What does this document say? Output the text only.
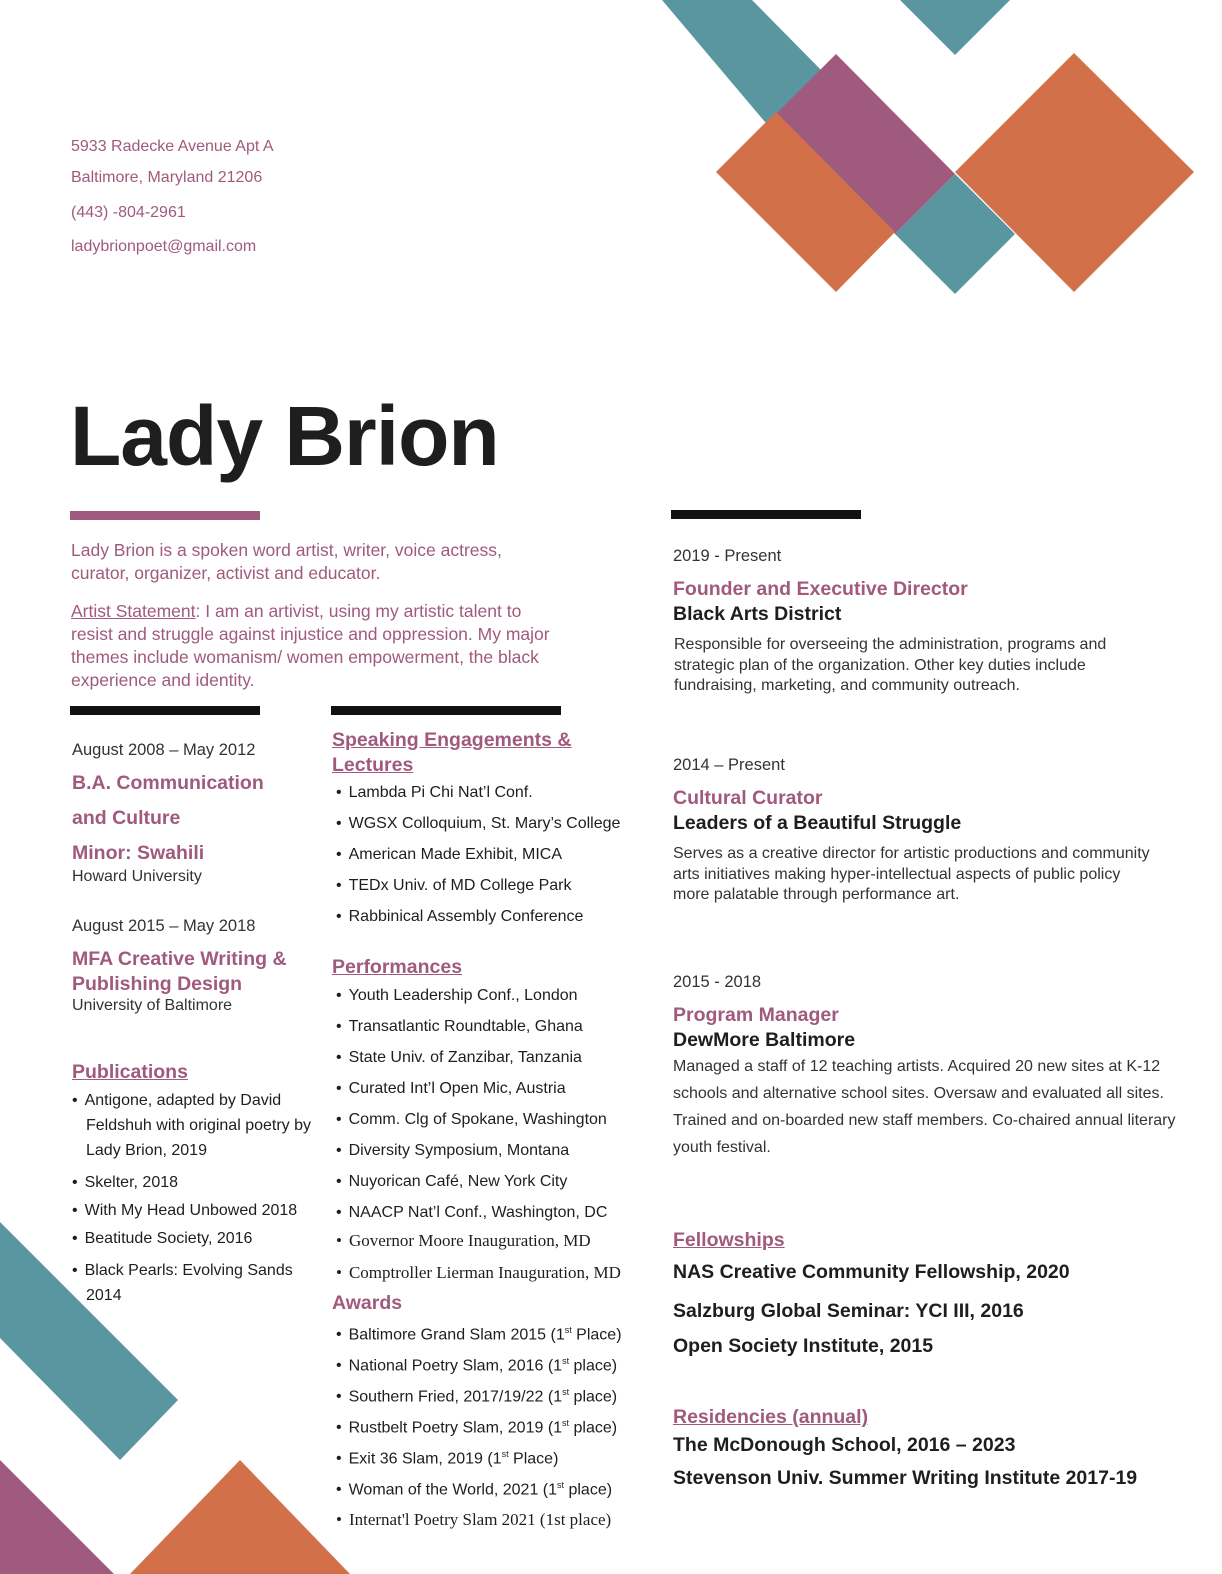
5933 Radecke Avenue Apt A
Baltimore, Maryland 21206
(443) -804-2961
ladybrionpoet@gmail.com
Lady Brion

Lady Brion is a spoken word artist, writer, voice actress, curator, organizer, activist and educator.

Artist Statement: I am an artivist, using my artistic talent to resist and struggle against injustice and oppression. My major themes include womanism/ women empowerment, the black experience and identity.

August 2008 – May 2012
B.A. Communication
and Culture
Minor: Swahili
Howard University
August 2015 – May 2018
MFA Creative Writing &
Publishing Design
University of Baltimore
Publications
• Antigone, adapted by David Feldshuh with original poetry by Lady Brion, 2019
• Skelter, 2018
• With My Head Unbowed 2018
• Beatitude Society, 2016
• Black Pearls: Evolving Sands 2014
Speaking Engagements &
Lectures
• Lambda Pi Chi Nat’l Conf.
• WGSX Colloquium, St. Mary’s College
• American Made Exhibit, MICA
• TEDx Univ. of MD College Park
• Rabbinical Assembly Conference
Performances
• Youth Leadership Conf., London
• Transatlantic Roundtable, Ghana
• State Univ. of Zanzibar, Tanzania
• Curated Int’l Open Mic, Austria
• Comm. Clg of Spokane, Washington
• Diversity Symposium, Montana
• Nuyorican Café, New York City
• NAACP Nat’l Conf., Washington, DC
• Governor Moore Inauguration, MD
• Comptroller Lierman Inauguration, MD
Awards
• Baltimore Grand Slam 2015 (1st Place)
• National Poetry Slam, 2016 (1st place)
• Southern Fried, 2017/19/22 (1st place)
• Rustbelt Poetry Slam, 2019 (1st place)
• Exit 36 Slam, 2019 (1st Place)
• Woman of the World, 2021 (1st place)
• Internat'l Poetry Slam 2021 (1st place)
2019 - Present
Founder and Executive Director
Black Arts District

Responsible for overseeing the administration, programs and strategic plan of the organization. Other key duties include fundraising, marketing, and community outreach.

2014 – Present
Cultural Curator
Leaders of a Beautiful Struggle

Serves as a creative director for artistic productions and community arts initiatives making hyper-intellectual aspects of public policy more palatable through performance art.

2015 - 2018
Program Manager
DewMore Baltimore

Managed a staff of 12 teaching artists. Acquired 20 new sites at K-12 schools and alternative school sites. Oversaw and evaluated all sites. Trained and on-boarded new staff members. Co-chaired annual literary youth festival.

Fellowships
NAS Creative Community Fellowship, 2020
Salzburg Global Seminar: YCI III, 2016
Open Society Institute, 2015
Residencies (annual)
The McDonough School, 2016 – 2023
Stevenson Univ. Summer Writing Institute 2017-19
